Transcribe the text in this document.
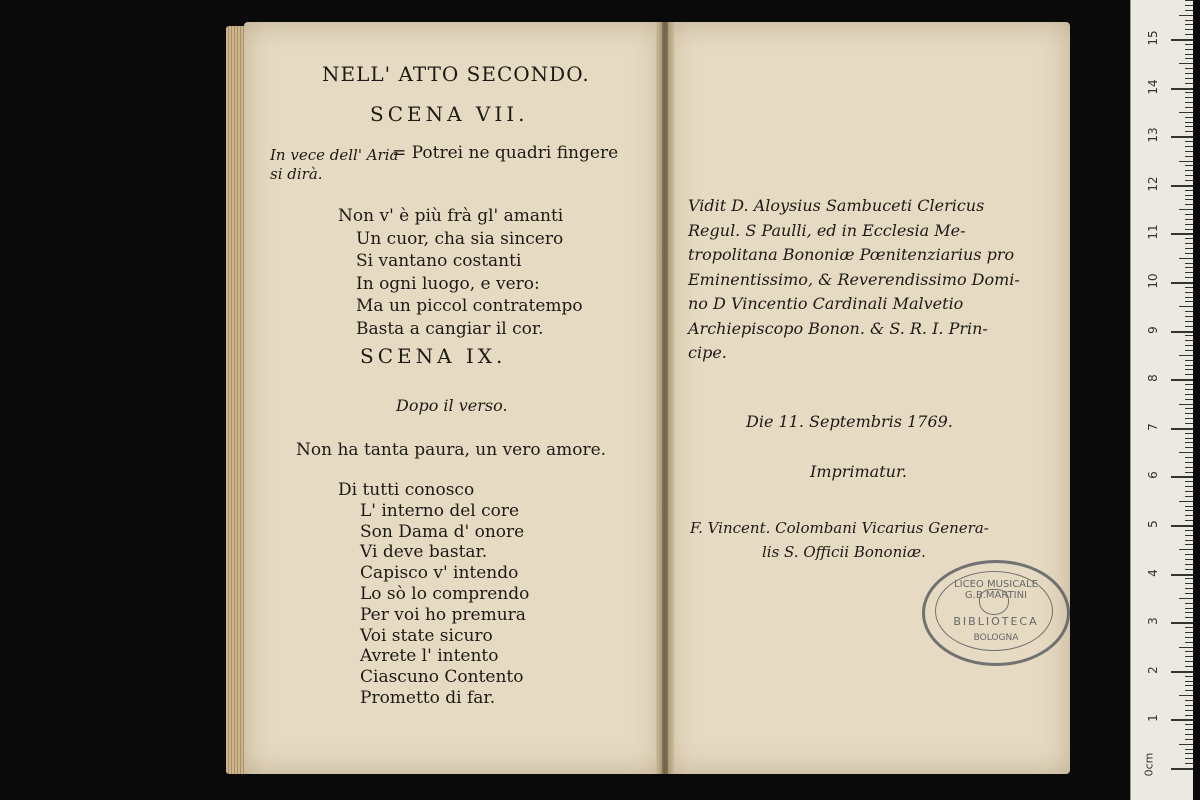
NELL' ATTO SECONDO.
SCENA VII.
In vece dell' Aria
= Potrei ne quadri fingere
si dirà.
Non v' è più frà gl' amanti
Un cuor, cha sia sincero
Si vantano costanti
In ogni luogo, e vero:
Ma un piccol contratempo
Basta a cangiar il cor.
SCENA IX.
Dopo il verso.
Non ha tanta paura, un vero amore.
Di tutti conosco
L' interno del core
Son Dama d' onore
Vi deve bastar.
Capisco v' intendo
Lo sò lo comprendo
Per voi ho premura
Voi state sicuro
Avrete l' intento
Ciascuno Contento
Prometto di far.
Vidit D. Aloysius Sambuceti Clericus
Regul. S Paulli, ed in Ecclesia Me-
tropolitana Bononiæ Pœnitenziarius pro
Eminentissimo, & Reverendissimo Domi-
no D Vincentio Cardinali Malvetio
Archiepiscopo Bonon. & S. R. I. Prin-
cipe.
Die 11. Septembris 1769.
Imprimatur.
F. Vincent. Colombani Vicarius Genera-
lis S. Officii Bononiæ.
LICEO MUSICALE G.B.MARTINI
BIBLIOTECA
BOLOGNA
0cm
1
2
3
4
5
6
7
8
9
10
11
12
13
14
15
